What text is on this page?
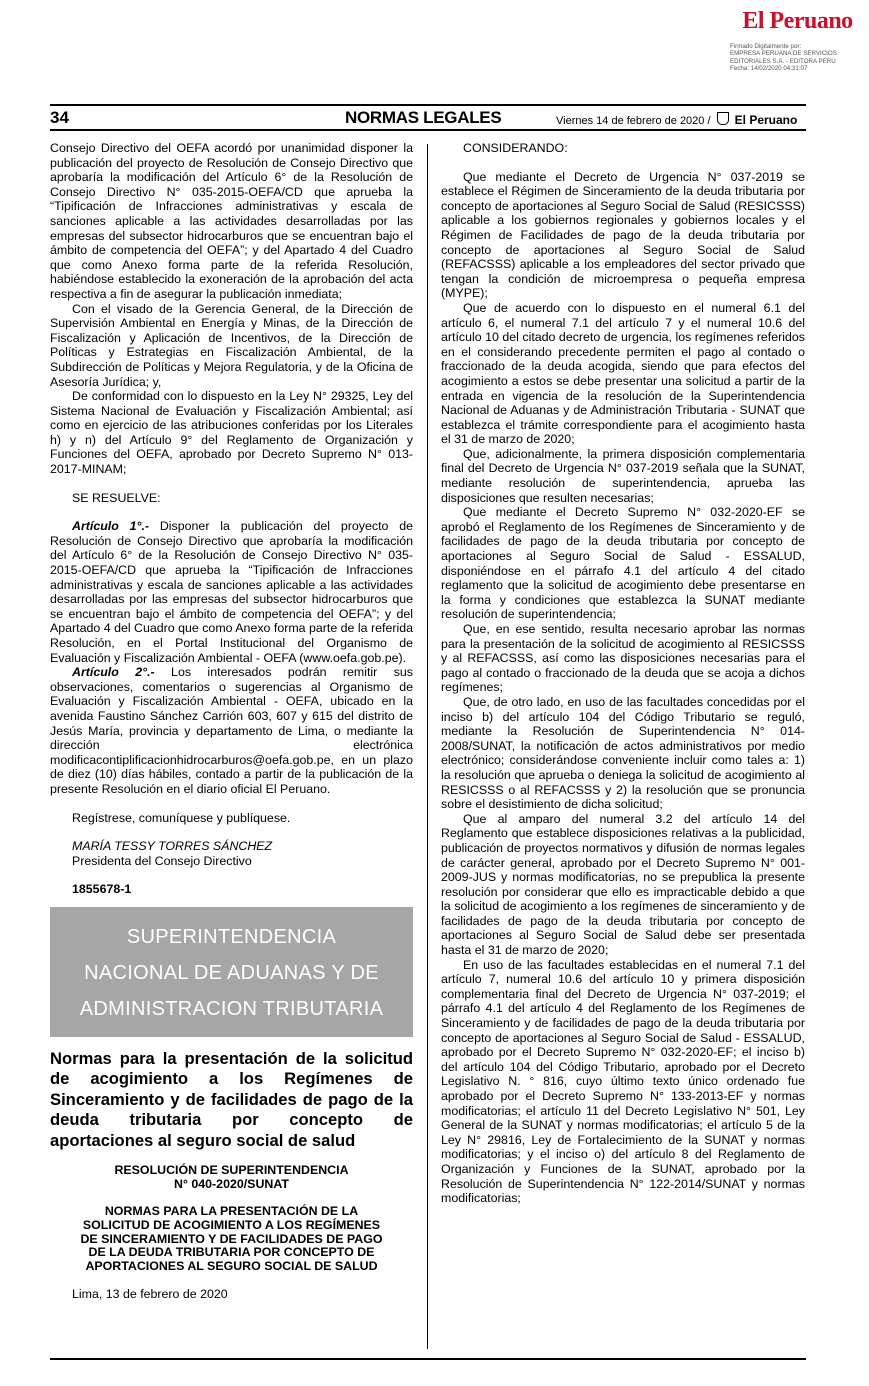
El Peruano
Firmado Digitalmente por:
EMPRESA PERUANA DE SERVICIOS
EDITORIALES S.A. - EDITORA PERU
Fecha: 14/02/2020 04:31:07
34	NORMAS LEGALES	Viernes 14 de febrero de 2020 / El Peruano

Consejo Directivo del OEFA acordó por unanimidad disponer la publicación del proyecto de Resolución de Consejo Directivo que aprobaría la modificación del Artículo 6° de la Resolución de Consejo Directivo N° 035-2015-OEFA/CD que aprueba la “Tipificación de Infracciones administrativas y escala de sanciones aplicable a las actividades desarrolladas por las empresas del subsector hidrocarburos que se encuentran bajo el ámbito de competencia del OEFA”; y del Apartado 4 del Cuadro que como Anexo forma parte de la referida Resolución, habiéndose establecido la exoneración de la aprobación del acta respectiva a fin de asegurar la publicación inmediata;

Con el visado de la Gerencia General, de la Dirección de Supervisión Ambiental en Energía y Minas, de la Dirección de Fiscalización y Aplicación de Incentivos, de la Dirección de Políticas y Estrategias en Fiscalización Ambiental, de la Subdirección de Políticas y Mejora Regulatoria, y de la Oficina de Asesoría Jurídica; y,

De conformidad con lo dispuesto en la Ley N° 29325, Ley del Sistema Nacional de Evaluación y Fiscalización Ambiental; así como en ejercicio de las atribuciones conferidas por los Literales h) y n) del Artículo 9° del Reglamento de Organización y Funciones del OEFA, aprobado por Decreto Supremo N° 013-2017-MINAM;

SE RESUELVE:

Artículo 1°.- Disponer la publicación del proyecto de Resolución de Consejo Directivo que aprobaría la modificación del Artículo 6° de la Resolución de Consejo Directivo N° 035-2015-OEFA/CD que aprueba la “Tipificación de Infracciones administrativas y escala de sanciones aplicable a las actividades desarrolladas por las empresas del subsector hidrocarburos que se encuentran bajo el ámbito de competencia del OEFA”; y del Apartado 4 del Cuadro que como Anexo forma parte de la referida Resolución, en el Portal Institucional del Organismo de Evaluación y Fiscalización Ambiental - OEFA (www.oefa.gob.pe).

Artículo 2°.- Los interesados podrán remitir sus observaciones, comentarios o sugerencias al Organismo de Evaluación y Fiscalización Ambiental - OEFA, ubicado en la avenida Faustino Sánchez Carrión 603, 607 y 615 del distrito de Jesús María, provincia y departamento de Lima, o mediante la dirección electrónica modificacontiplificacionhidrocarburos@oefa.gob.pe, en un plazo de diez (10) días hábiles, contado a partir de la publicación de la presente Resolución en el diario oficial El Peruano.

Regístrese, comuníquese y publíquese.

MARÍA TESSY TORRES SÁNCHEZ

Presidenta del Consejo Directivo

1855678-1

SUPERINTENDENCIA
NACIONAL DE ADUANAS Y DE
ADMINISTRACION TRIBUTARIA
Normas para la presentación de la solicitud de acogimiento a los Regímenes de Sinceramiento y de facilidades de pago de la deuda tributaria por concepto de aportaciones al seguro social de salud
RESOLUCIÓN DE SUPERINTENDENCIA
N° 040-2020/SUNAT
NORMAS PARA LA PRESENTACIÓN DE LA
SOLICITUD DE ACOGIMIENTO A LOS REGÍMENES
DE SINCERAMIENTO Y DE FACILIDADES DE PAGO
DE LA DEUDA TRIBUTARIA POR CONCEPTO DE
APORTACIONES AL SEGURO SOCIAL DE SALUD

Lima, 13 de febrero de 2020

CONSIDERANDO:

Que mediante el Decreto de Urgencia N° 037-2019 se establece el Régimen de Sinceramiento de la deuda tributaria por concepto de aportaciones al Seguro Social de Salud (RESICSSS) aplicable a los gobiernos regionales y gobiernos locales y el Régimen de Facilidades de pago de la deuda tributaria por concepto de aportaciones al Seguro Social de Salud (REFACSSS) aplicable a los empleadores del sector privado que tengan la condición de microempresa o pequeña empresa (MYPE);

Que de acuerdo con lo dispuesto en el numeral 6.1 del artículo 6, el numeral 7.1 del artículo 7 y el numeral 10.6 del artículo 10 del citado decreto de urgencia, los regímenes referidos en el considerando precedente permiten el pago al contado o fraccionado de la deuda acogida, siendo que para efectos del acogimiento a estos se debe presentar una solicitud a partir de la entrada en vigencia de la resolución de la Superintendencia Nacional de Aduanas y de Administración Tributaria - SUNAT que establezca el trámite correspondiente para el acogimiento hasta el 31 de marzo de 2020;

Que, adicionalmente, la primera disposición complementaria final del Decreto de Urgencia N° 037-2019 señala que la SUNAT, mediante resolución de superintendencia, aprueba las disposiciones que resulten necesarias;

Que mediante el Decreto Supremo N° 032-2020-EF se aprobó el Reglamento de los Regímenes de Sinceramiento y de facilidades de pago de la deuda tributaria por concepto de aportaciones al Seguro Social de Salud - ESSALUD, disponiéndose en el párrafo 4.1 del artículo 4 del citado reglamento que la solicitud de acogimiento debe presentarse en la forma y condiciones que establezca la SUNAT mediante resolución de superintendencia;

Que, en ese sentido, resulta necesario aprobar las normas para la presentación de la solicitud de acogimiento al RESICSSS y al REFACSSS, así como las disposiciones necesarias para el pago al contado o fraccionado de la deuda que se acoja a dichos regímenes;

Que, de otro lado, en uso de las facultades concedidas por el inciso b) del artículo 104 del Código Tributario se reguló, mediante la Resolución de Superintendencia N° 014-2008/SUNAT, la notificación de actos administrativos por medio electrónico; considerándose conveniente incluir como tales a: 1) la resolución que aprueba o deniega la solicitud de acogimiento al RESICSSS o al REFACSSS y 2) la resolución que se pronuncia sobre el desistimiento de dicha solicitud;

Que al amparo del numeral 3.2 del artículo 14 del Reglamento que establece disposiciones relativas a la publicidad, publicación de proyectos normativos y difusión de normas legales de carácter general, aprobado por el Decreto Supremo N° 001-2009-JUS y normas modificatorias, no se prepublica la presente resolución por considerar que ello es impracticable debido a que la solicitud de acogimiento a los regímenes de sinceramiento y de facilidades de pago de la deuda tributaria por concepto de aportaciones al Seguro Social de Salud debe ser presentada hasta el 31 de marzo de 2020;

En uso de las facultades establecidas en el numeral 7.1 del artículo 7, numeral 10.6 del artículo 10 y primera disposición complementaria final del Decreto de Urgencia N° 037-2019; el párrafo 4.1 del artículo 4 del Reglamento de los Regímenes de Sinceramiento y de facilidades de pago de la deuda tributaria por concepto de aportaciones al Seguro Social de Salud - ESSALUD, aprobado por el Decreto Supremo N° 032-2020-EF; el inciso b) del artículo 104 del Código Tributario, aprobado por el Decreto Legislativo N. ° 816, cuyo último texto único ordenado fue aprobado por el Decreto Supremo N° 133-2013-EF y normas modificatorias; el artículo 11 del Decreto Legislativo N° 501, Ley General de la SUNAT y normas modificatorias; el artículo 5 de la Ley N° 29816, Ley de Fortalecimiento de la SUNAT y normas modificatorias; y el inciso o) del artículo 8 del Reglamento de Organización y Funciones de la SUNAT, aprobado por la Resolución de Superintendencia N° 122-2014/SUNAT y normas modificatorias;
